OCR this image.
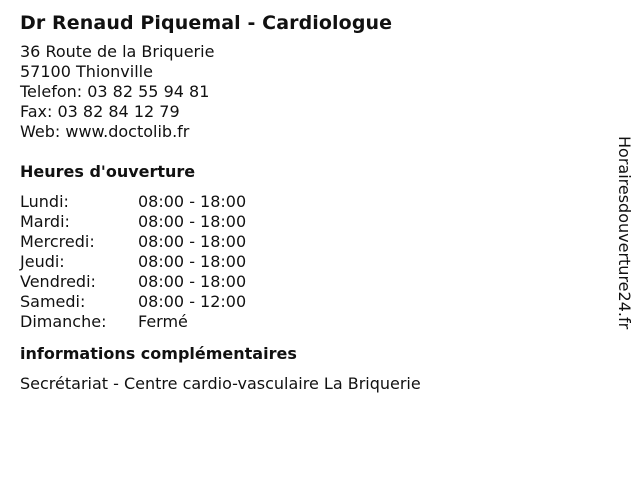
Dr Renaud Piquemal - Cardiologue
36 Route de la Briquerie
57100 Thionville
Telefon: 03 82 55 94 81
Fax: 03 82 84 12 79
Web: www.doctolib.fr
Heures d'ouverture
Lundi:	08:00 - 18:00
Mardi:	08:00 - 18:00
Mercredi:	08:00 - 18:00
Jeudi:	08:00 - 18:00
Vendredi:	08:00 - 18:00
Samedi:	08:00 - 12:00
Dimanche:	Fermé
informations complémentaires
Secrétariat - Centre cardio-vasculaire La Briquerie
Horairesdouverture24.fr
